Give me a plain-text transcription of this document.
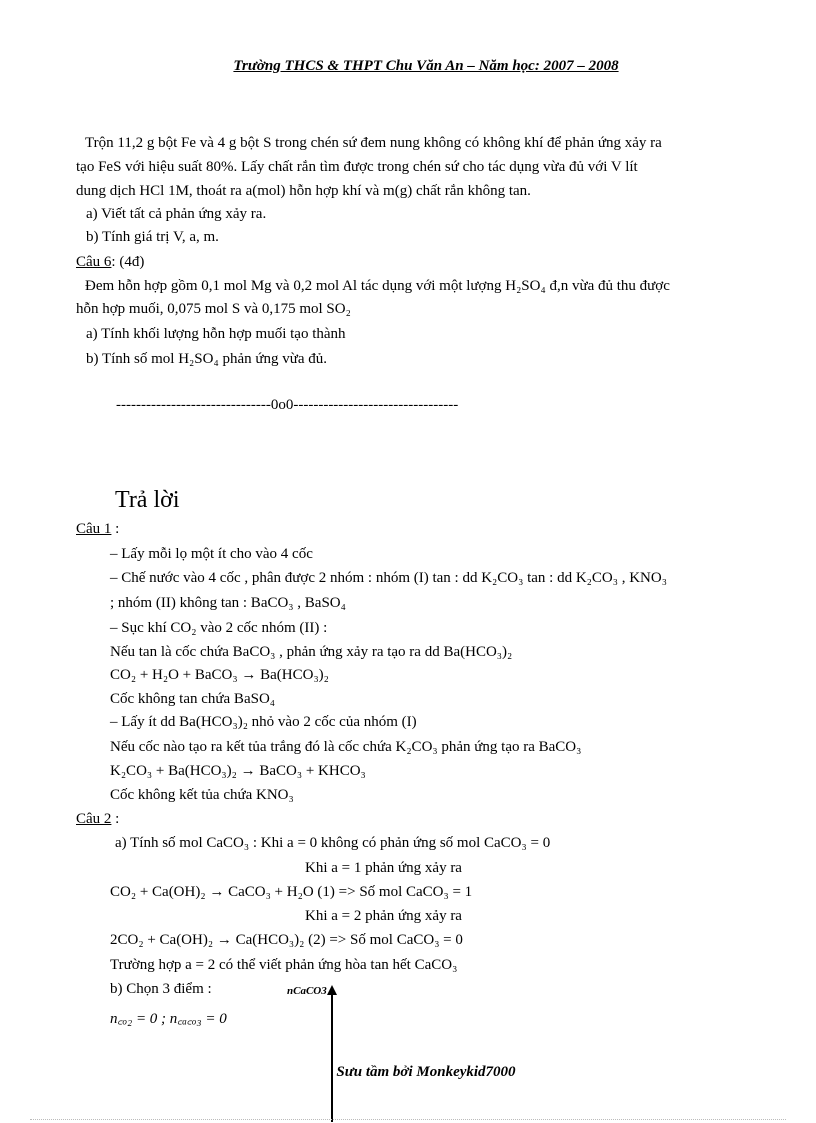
Trường THCS & THPT Chu Văn An – Năm học: 2007 – 2008
Trộn 11,2 g bột Fe và 4 g bột S trong chén sứ đem nung không có không khí để phản ứng xảy ra
tạo FeS với hiệu suất 80%. Lấy chất rắn tìm được trong chén sứ cho tác dụng vừa đủ với V lít
dung dịch HCl 1M, thoát ra a(mol) hỗn hợp khí và m(g) chất rắn không tan.
a) Viết tất cả phản ứng xảy ra.
b) Tính giá trị V, a, m.
Câu 6: (4đ)
Đem hỗn hợp gồm 0,1 mol Mg và 0,2 mol Al tác dụng với một lượng H₂SO₄ đ,n vừa đủ thu được
hỗn hợp muối, 0,075 mol S và 0,175 mol SO₂
a) Tính khối lượng hỗn hợp muối tạo thành
b) Tính số mol H₂SO₄ phản ứng vừa đủ.
-------------------------------0o0---------------------------------
Trả lời
Câu 1 :
– Lấy mỗi lọ một ít cho vào 4 cốc
– Chế nước vào 4 cốc , phân được 2 nhóm : nhóm (I) tan : dd K₂CO₃ tan : dd K₂CO₃ , KNO₃
; nhóm (II) không tan : BaCO₃ , BaSO₄
– Sục khí CO₂ vào 2 cốc nhóm (II) :
Nếu tan là cốc chứa BaCO₃ , phản ứng xảy ra tạo ra dd Ba(HCO₃)₂
CO₂ + H₂O + BaCO₃ → Ba(HCO₃)₂
Cốc không tan chứa BaSO₄
– Lấy ít dd Ba(HCO₃)₂ nhỏ vào 2 cốc của nhóm (I)
Nếu cốc nào tạo ra kết tủa trắng đó là cốc chứa K₂CO₃ phản ứng tạo ra BaCO₃
K₂CO₃ + Ba(HCO₃)₂ → BaCO₃ + KHCO₃
Cốc không kết tủa chứa KNO₃
Câu 2 :
a) Tính số mol CaCO₃ : Khi a = 0 không có phản ứng số mol CaCO₃ = 0
Khi a = 1 phản ứng xảy ra
CO₂ + Ca(OH)₂ → CaCO₃ + H₂O (1) => Số mol CaCO₃ = 1
Khi a = 2 phản ứng xảy ra
2CO₂ + Ca(OH)₂ → Ca(HCO₃)₂ (2) => Số mol CaCO₃ = 0
Trường hợp a = 2 có thể viết phản ứng hòa tan hết CaCO₃
b) Chọn 3 điểm :
n꜀ₒ₂ = 0 ; n꜀ₐ꜀ₒ₃ = 0
nCaCO3
Sưu tầm bởi Monkeykid7000
